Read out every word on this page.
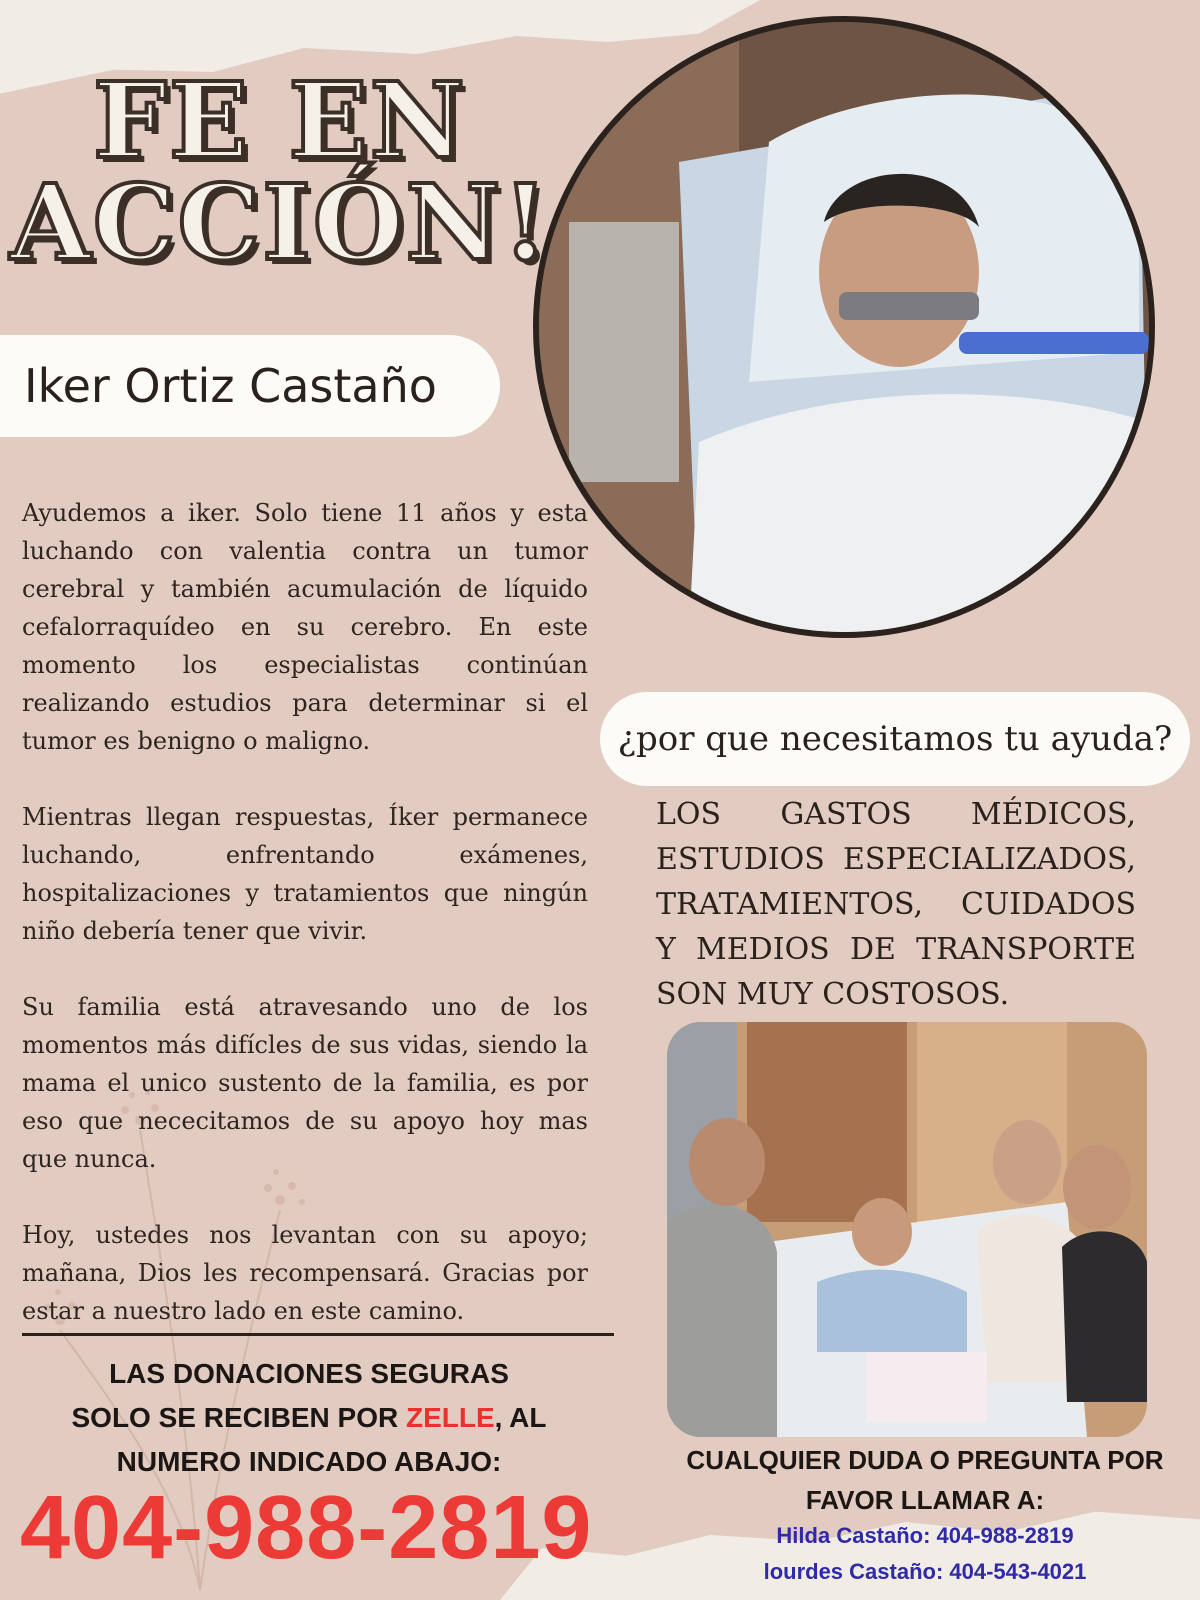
FE EN
ACCIÓN!
Iker Ortiz Castaño

Ayudemos a iker. Solo tiene 11 años y esta luchando con valentia contra un tumor cerebral y también acumulación de líquido cefalorraquídeo en su cerebro. En este momento los especialistas continúan realizando estudios para determinar si el tumor es benigno o maligno.

Mientras llegan respuestas, Íker permanece luchando, enfrentando exámenes, hospitalizaciones y tratamientos que ningún niño debería tener que vivir.

Su familia está atravesando uno de los momentos más difícles de sus vidas, siendo la mama el unico sustento de la familia, es por eso que nececitamos de su apoyo hoy mas que nunca.

Hoy, ustedes nos levantan con su apoyo; mañana, Dios les recompensará. Gracias por estar a nuestro lado en este camino.

¿por que necesitamos tu ayuda?
LOS GASTOS MÉDICOS, ESTUDIOS ESPECIALIZADOS, TRATAMIENTOS, CUIDADOS Y MEDIOS DE TRANSPORTE SON MUY COSTOSOS.
LAS DONACIONES SEGURAS
SOLO SE RECIBEN POR ZELLE, AL
NUMERO INDICADO ABAJO:
404-988-2819
CUALQUIER DUDA O PREGUNTA POR
FAVOR LLAMAR A:
Hilda Castaño: 404-988-2819
lourdes Castaño: 404-543-4021
